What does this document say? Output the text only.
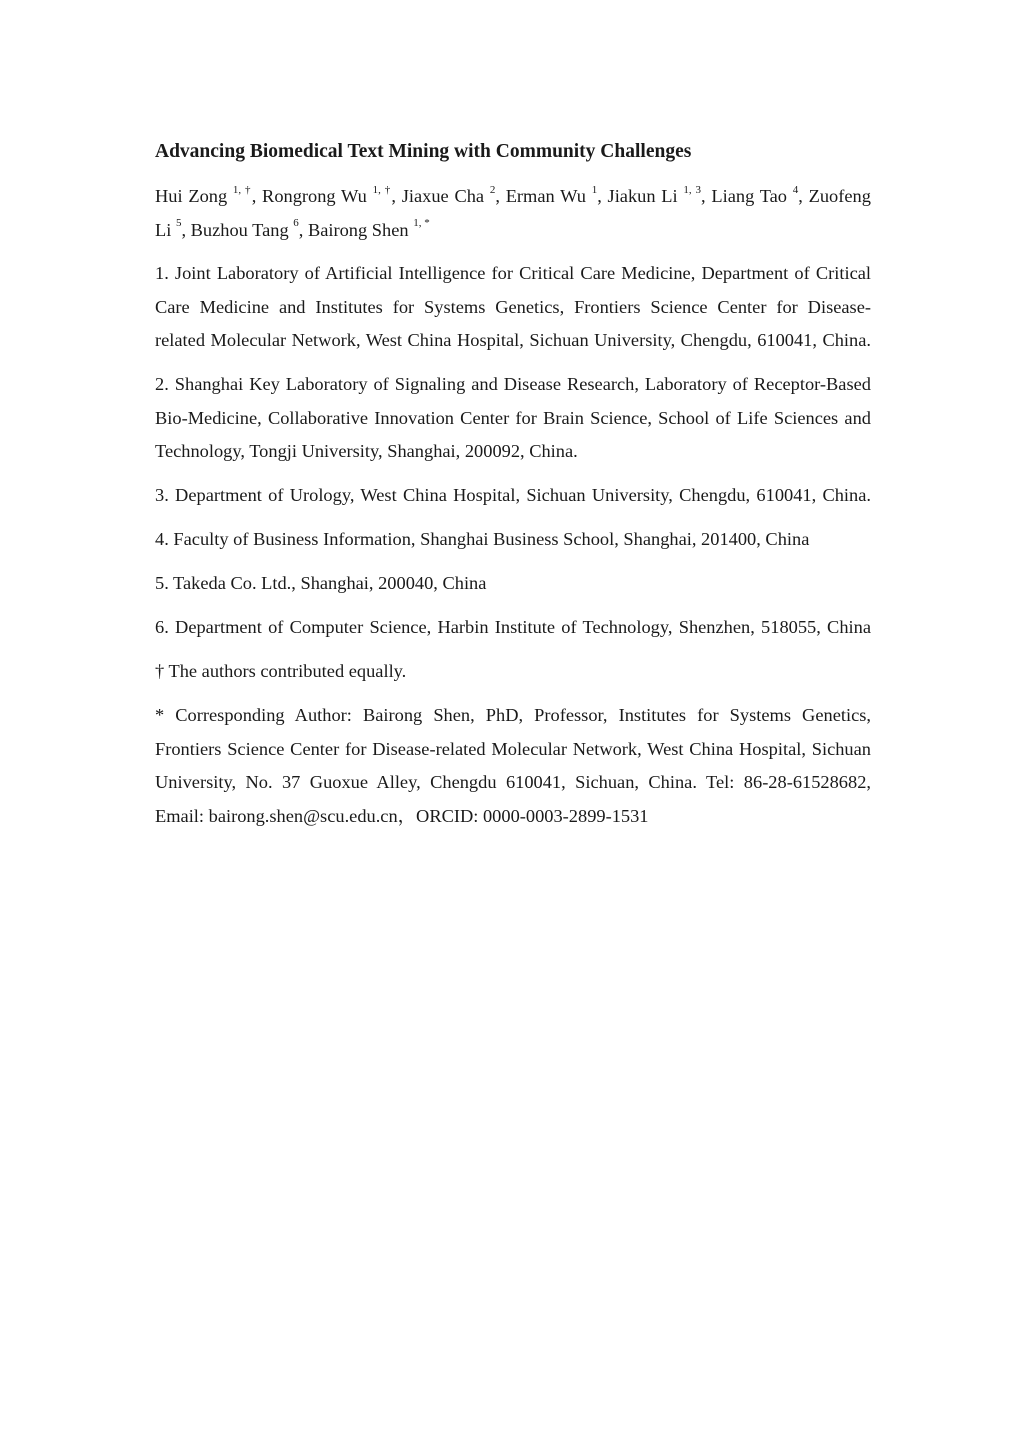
Advancing Biomedical Text Mining with Community Challenges
Hui Zong $^{1, \dagger}$, Rongrong Wu $^{1, \dagger}$, Jiaxue Cha $^2$, Erman Wu $^1$, Jiakun Li $^{1, 3}$, Liang Tao $^4$, Zuofeng
Li $^5$, Buzhou Tang $^6$, Bairong Shen $^{1, *}$
1. Joint Laboratory of Artificial Intelligence for Critical Care Medicine, Department of Critical
Care Medicine and Institutes for Systems Genetics, Frontiers Science Center for Disease-
related Molecular Network, West China Hospital, Sichuan University, Chengdu, 610041, China.
2. Shanghai Key Laboratory of Signaling and Disease Research, Laboratory of Receptor-Based
Bio-Medicine, Collaborative Innovation Center for Brain Science, School of Life Sciences and
Technology, Tongji University, Shanghai, 200092, China.
3. Department of Urology, West China Hospital, Sichuan University, Chengdu, 610041, China.
4. Faculty of Business Information, Shanghai Business School, Shanghai, 201400, China
5. Takeda Co. Ltd., Shanghai, 200040, China
6. Department of Computer Science, Harbin Institute of Technology, Shenzhen, 518055, China
† The authors contributed equally.
* Corresponding Author: Bairong Shen, PhD, Professor, Institutes for Systems Genetics,
Frontiers Science Center for Disease-related Molecular Network, West China Hospital, Sichuan
University, No. 37 Guoxue Alley, Chengdu 610041, Sichuan, China. Tel: 86-28-61528682,
Email: bairong.shen@scu.edu.cn，ORCID: 0000-0003-2899-1531
